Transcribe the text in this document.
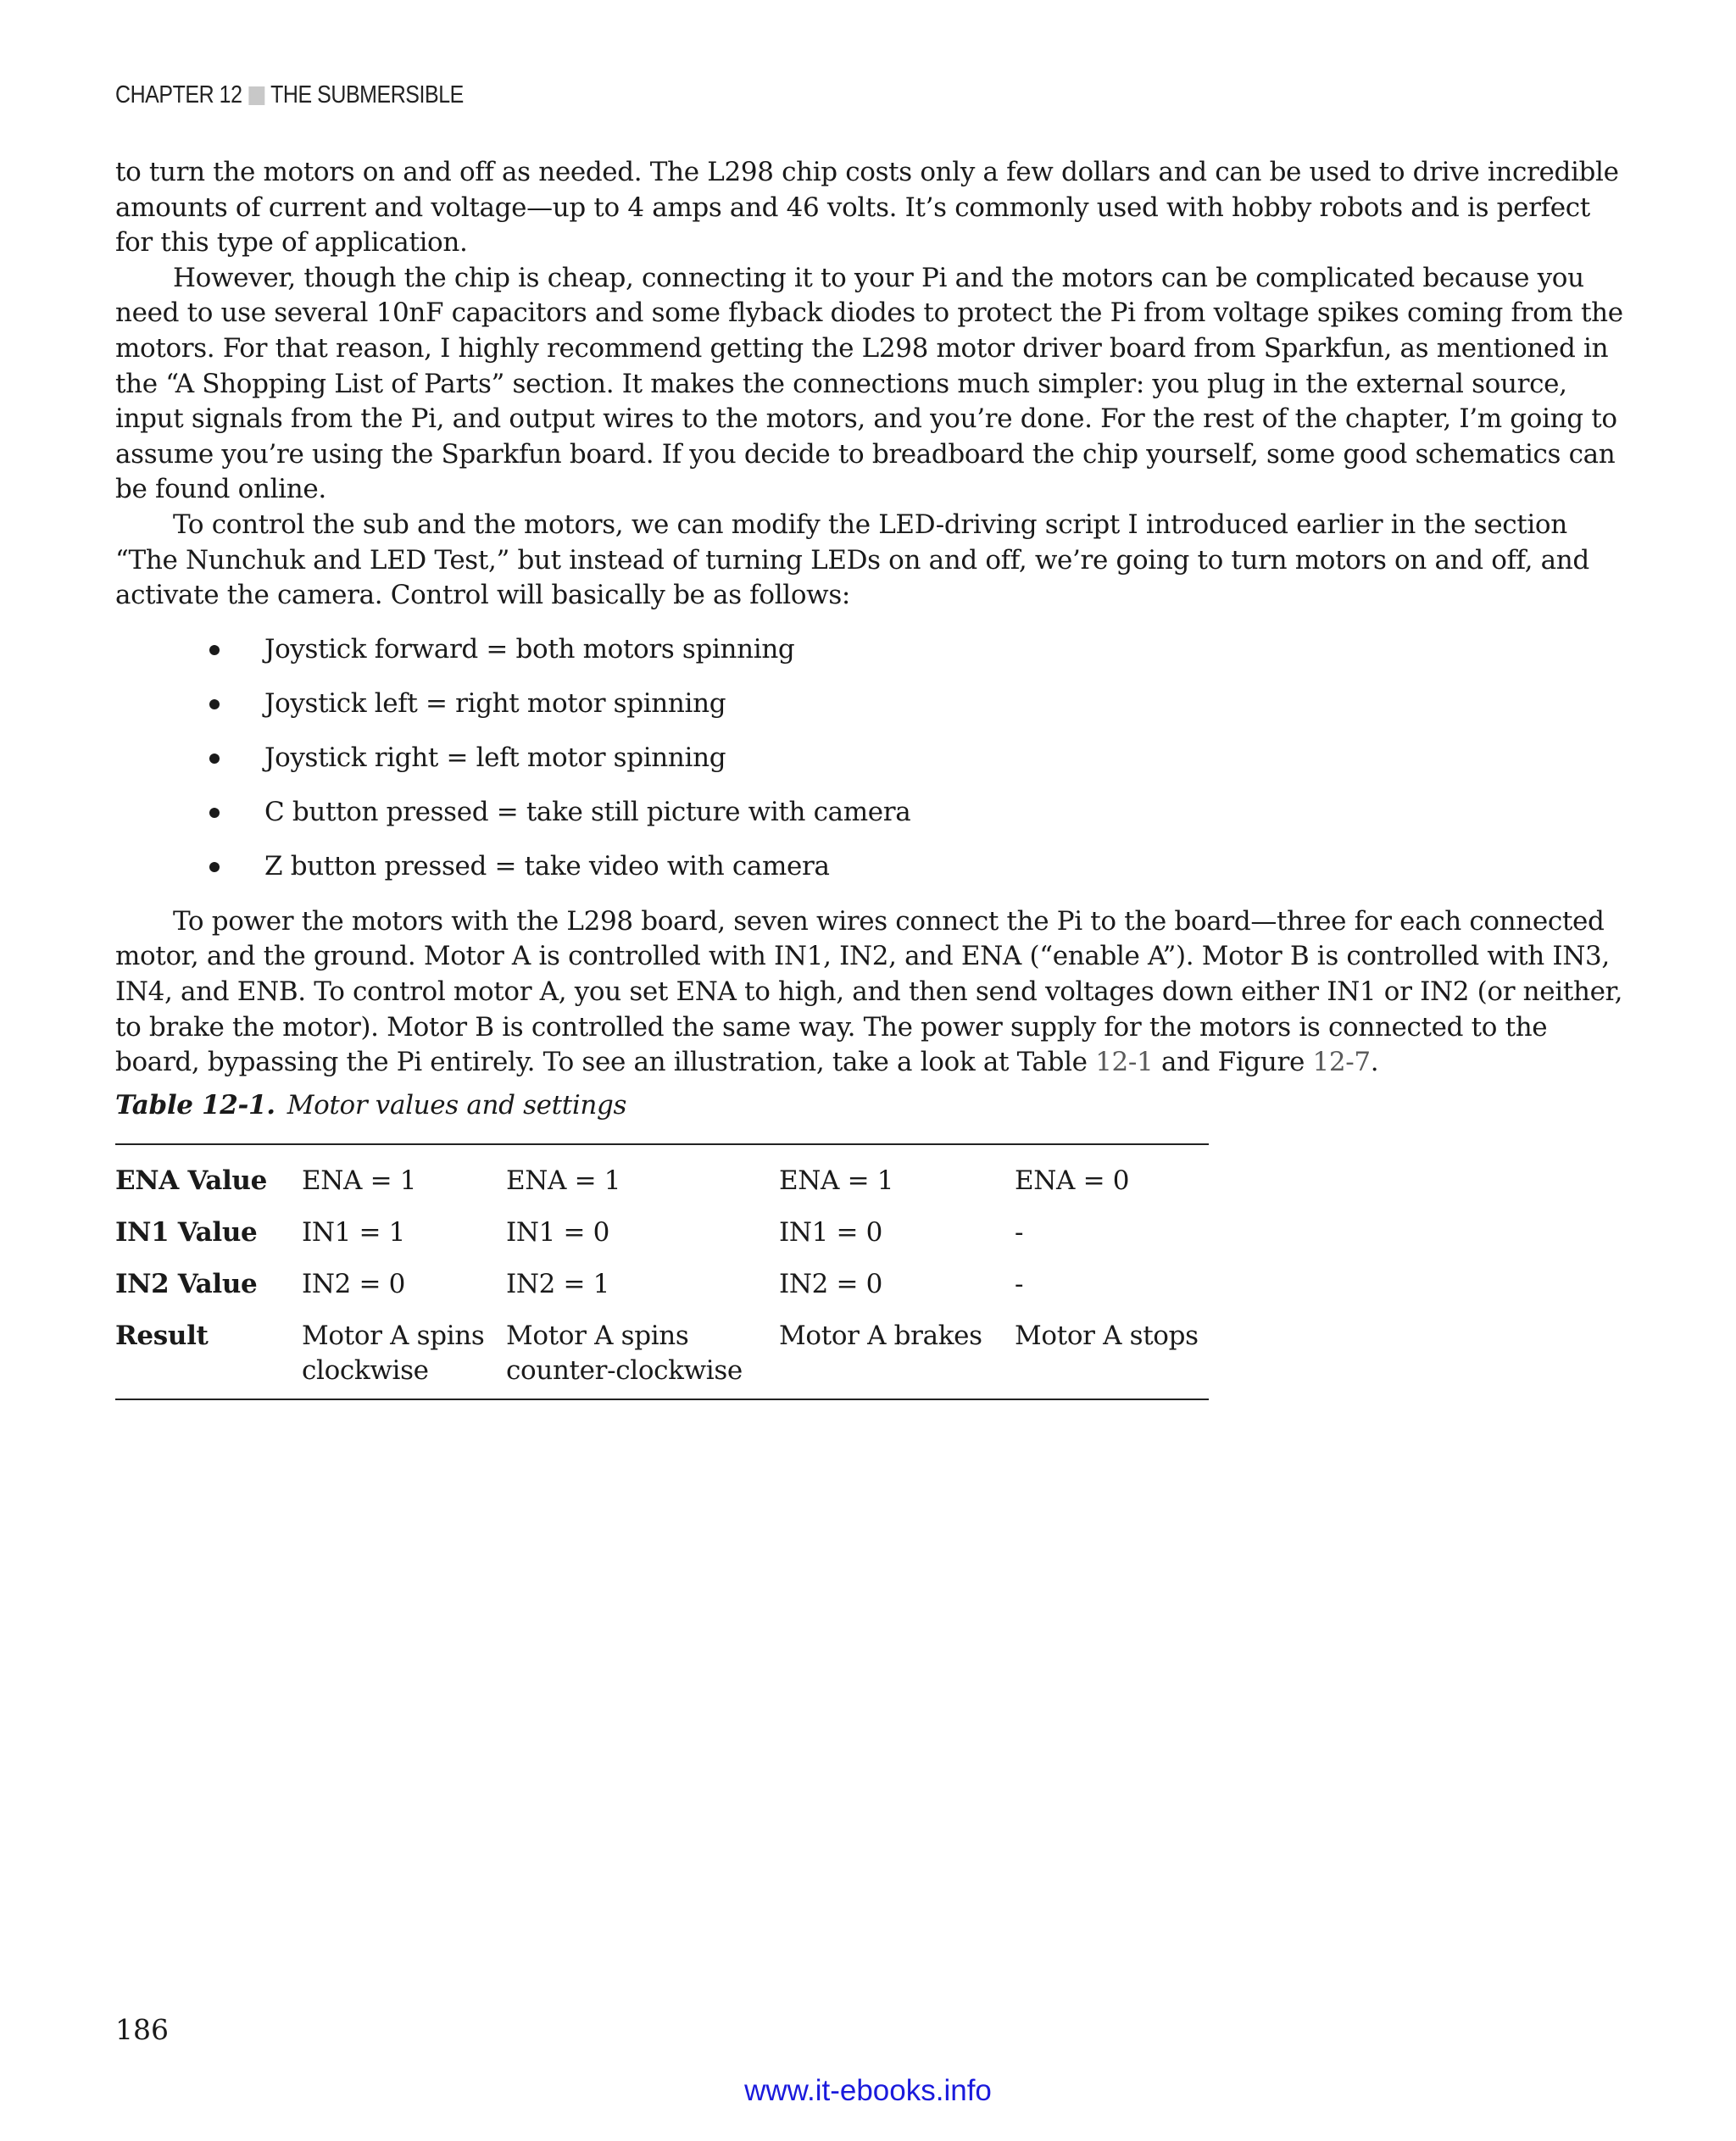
CHAPTER 12 THE SUBMERSIBLE

to turn the motors on and off as needed. The L298 chip costs only a few dollars and can be used to drive incredible amounts of current and voltage—up to 4 amps and 46 volts. It’s commonly used with hobby robots and is perfect for this type of application.

However, though the chip is cheap, connecting it to your Pi and the motors can be complicated because you need to use several 10nF capacitors and some flyback diodes to protect the Pi from voltage spikes coming from the motors. For that reason, I highly recommend getting the L298 motor driver board from Sparkfun, as mentioned in the “A Shopping List of Parts” section. It makes the connections much simpler: you plug in the external source, input signals from the Pi, and output wires to the motors, and you’re done. For the rest of the chapter, I’m going to assume you’re using the Sparkfun board. If you decide to breadboard the chip yourself, some good schematics can be found online.

To control the sub and the motors, we can modify the LED-driving script I introduced earlier in the section “The Nunchuk and LED Test,” but instead of turning LEDs on and off, we’re going to turn motors on and off, and activate the camera. Control will basically be as follows:

Joystick forward = both motors spinning
Joystick left = right motor spinning
Joystick right = left motor spinning
C button pressed = take still picture with camera
Z button pressed = take video with camera

To power the motors with the L298 board, seven wires connect the Pi to the board—three for each connected motor, and the ground. Motor A is controlled with IN1, IN2, and ENA (“enable A”). Motor B is controlled with IN3, IN4, and ENB. To control motor A, you set ENA to high, and then send voltages down either IN1 or IN2 (or neither, to brake the motor). Motor B is controlled the same way. The power supply for the motors is connected to the board, bypassing the Pi entirely. To see an illustration, take a look at Table 12-1 and Figure 12-7.

Table 12-1. Motor values and settings
ENA Value	ENA = 1	ENA = 1	ENA = 1	ENA = 0
IN1 Value	IN1 = 1	IN1 = 0	IN1 = 0	-
IN2 Value	IN2 = 0	IN2 = 1	IN2 = 0	-
Result	Motor A spins clockwise	Motor A spins counter-clockwise	Motor A brakes	Motor A stops
186
www.it-ebooks.info
